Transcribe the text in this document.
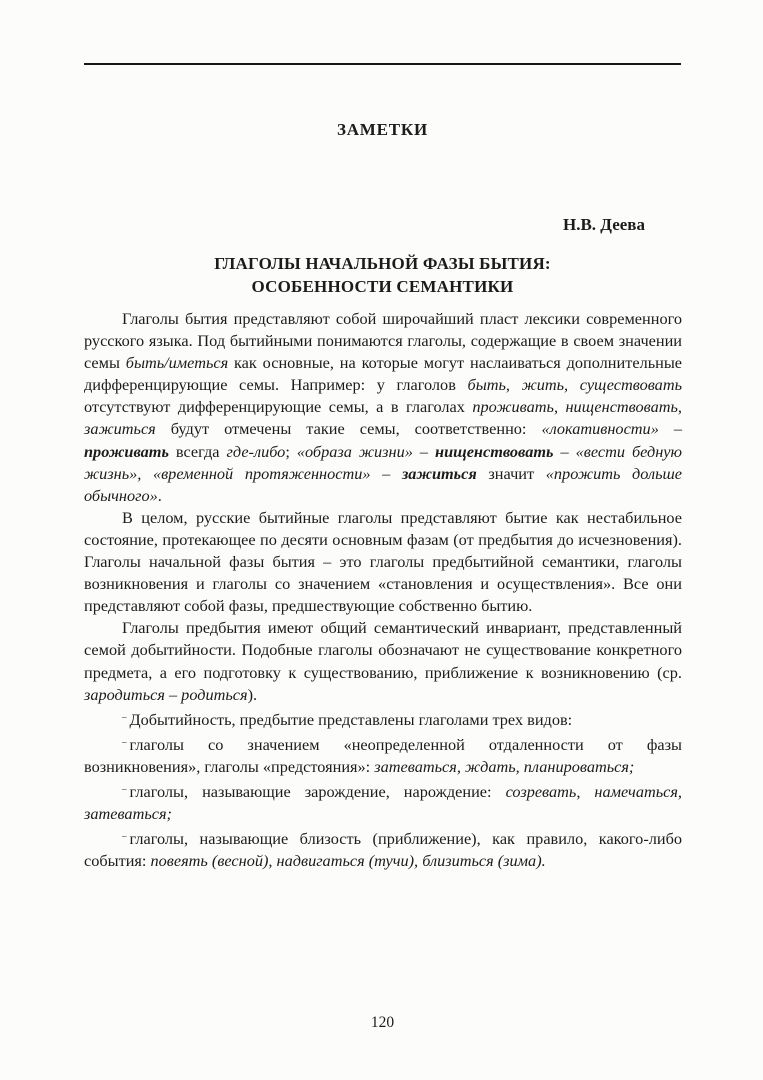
ЗАМЕТКИ
Н.В. Деева
ГЛАГОЛЫ НАЧАЛЬНОЙ ФАЗЫ БЫТИЯ:
ОСОБЕННОСТИ СЕМАНТИКИ

Глаголы бытия представляют собой широчайший пласт лексики современного русского языка. Под бытийными понимаются глаголы, содержащие в своем значении семы быть/иметься как основные, на которые могут наслаиваться дополнительные дифференцирующие семы. Например: у глаголов быть, жить, существовать отсутствуют дифференцирующие семы, а в глаголах проживать, нищенствовать, зажиться будут отмечены такие семы, соответственно: «локативности» – проживать всегда где-либо; «образа жизни» – нищенствовать – «вести бедную жизнь», «временной протяженности» – зажиться значит «прожить дольше обычного».

В целом, русские бытийные глаголы представляют бытие как нестабильное состояние, протекающее по десяти основным фазам (от предбытия до исчезновения). Глаголы начальной фазы бытия – это глаголы предбытийной семантики, глаголы возникновения и глаголы со значением «становления и осуществления». Все они представляют собой фазы, предшествующие собственно бытию.

Глаголы предбытия имеют общий семантический инвариант, представленный семой добытийности. Подобные глаголы обозначают не существование конкретного предмета, а его подготовку к существованию, приближение к возникновению (ср. зародиться – родиться).

– Добытийность, предбытие представлены глаголами трех видов:

– глаголы со значением «неопределенной отдаленности от фазы возникновения», глаголы «предстояния»: затеваться, ждать, планироваться;

– глаголы, называющие зарождение, нарождение: созревать, намечаться, затеваться;

– глаголы, называющие близость (приближение), как правило, какого-либо события: повеять (весной), надвигаться (тучи), близиться (зима).

120
